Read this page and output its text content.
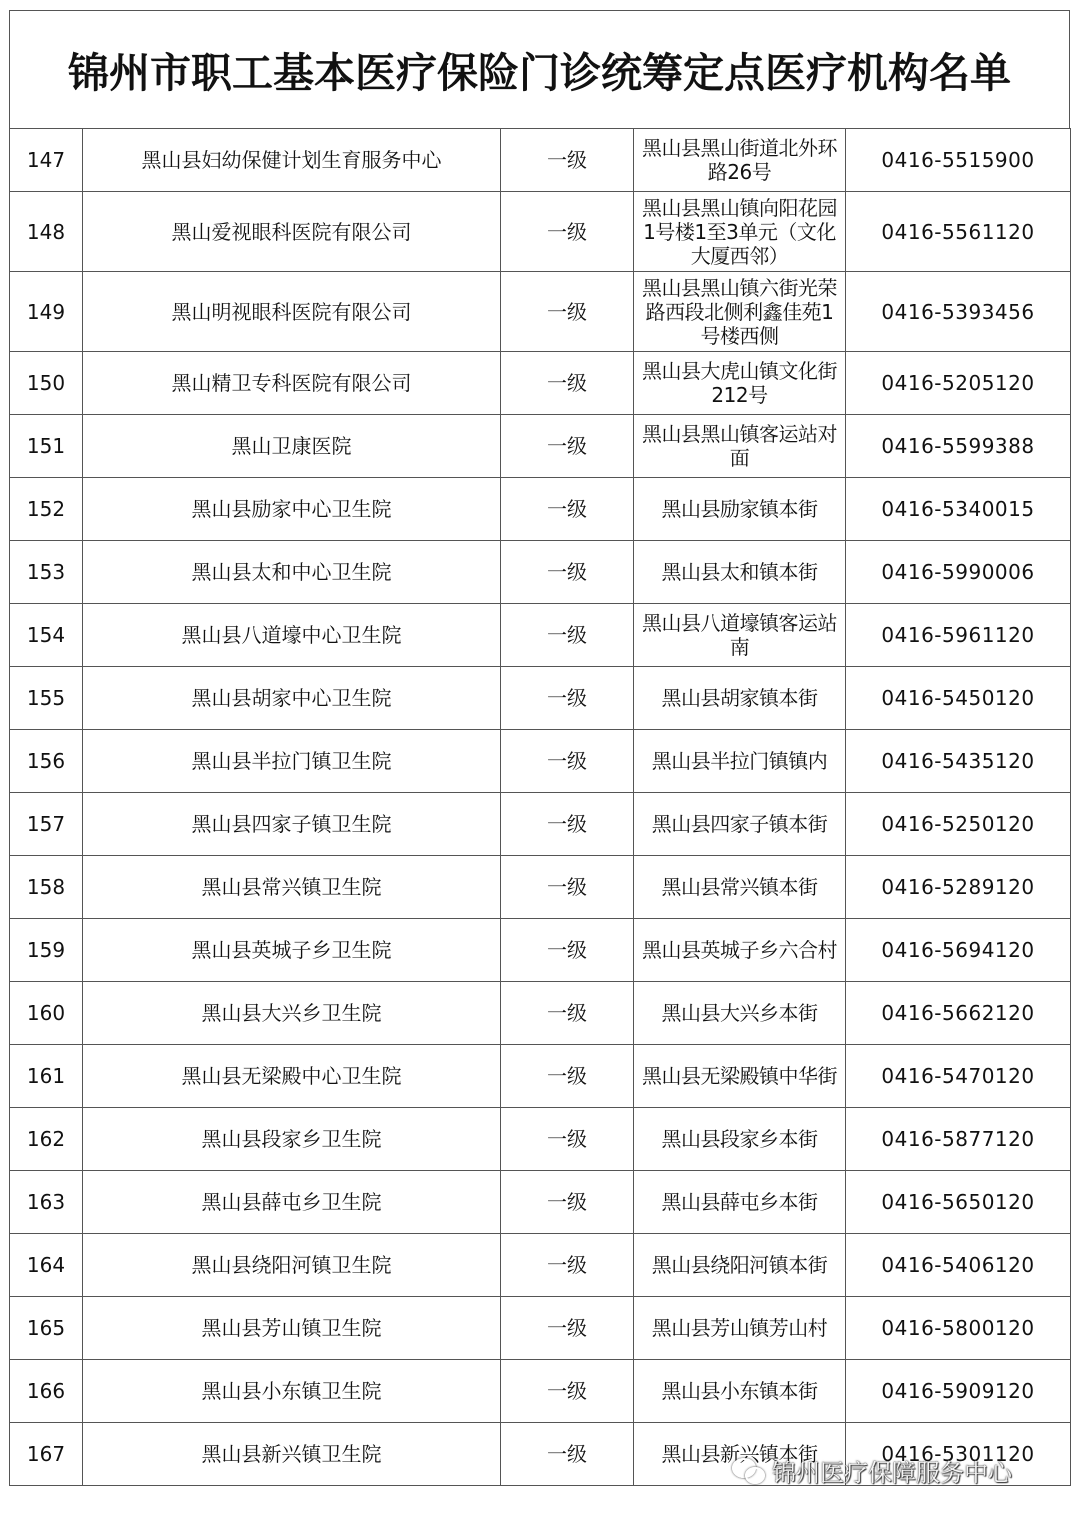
锦州市职工基本医疗保险门诊统筹定点医疗机构名单
147	黑山县妇幼保健计划生育服务中心	一级	黑山县黑山街道北外环路26号	0416-5515900
148	黑山爱视眼科医院有限公司	一级	黑山县黑山镇向阳花园1号楼1至3单元（文化大厦西邻）	0416-5561120
149	黑山明视眼科医院有限公司	一级	黑山县黑山镇六街光荣路西段北侧利鑫佳苑1号楼西侧	0416-5393456
150	黑山精卫专科医院有限公司	一级	黑山县大虎山镇文化街212号	0416-5205120
151	黑山卫康医院	一级	黑山县黑山镇客运站对面	0416-5599388
152	黑山县励家中心卫生院	一级	黑山县励家镇本街	0416-5340015
153	黑山县太和中心卫生院	一级	黑山县太和镇本街	0416-5990006
154	黑山县八道壕中心卫生院	一级	黑山县八道壕镇客运站南	0416-5961120
155	黑山县胡家中心卫生院	一级	黑山县胡家镇本街	0416-5450120
156	黑山县半拉门镇卫生院	一级	黑山县半拉门镇镇内	0416-5435120
157	黑山县四家子镇卫生院	一级	黑山县四家子镇本街	0416-5250120
158	黑山县常兴镇卫生院	一级	黑山县常兴镇本街	0416-5289120
159	黑山县英城子乡卫生院	一级	黑山县英城子乡六合村	0416-5694120
160	黑山县大兴乡卫生院	一级	黑山县大兴乡本街	0416-5662120
161	黑山县无梁殿中心卫生院	一级	黑山县无梁殿镇中华街	0416-5470120
162	黑山县段家乡卫生院	一级	黑山县段家乡本街	0416-5877120
163	黑山县薛屯乡卫生院	一级	黑山县薛屯乡本街	0416-5650120
164	黑山县绕阳河镇卫生院	一级	黑山县绕阳河镇本街	0416-5406120
165	黑山县芳山镇卫生院	一级	黑山县芳山镇芳山村	0416-5800120
166	黑山县小东镇卫生院	一级	黑山县小东镇本街	0416-5909120
167	黑山县新兴镇卫生院	一级	黑山县新兴镇本街	0416-5301120
锦州医疗保障服务中心
